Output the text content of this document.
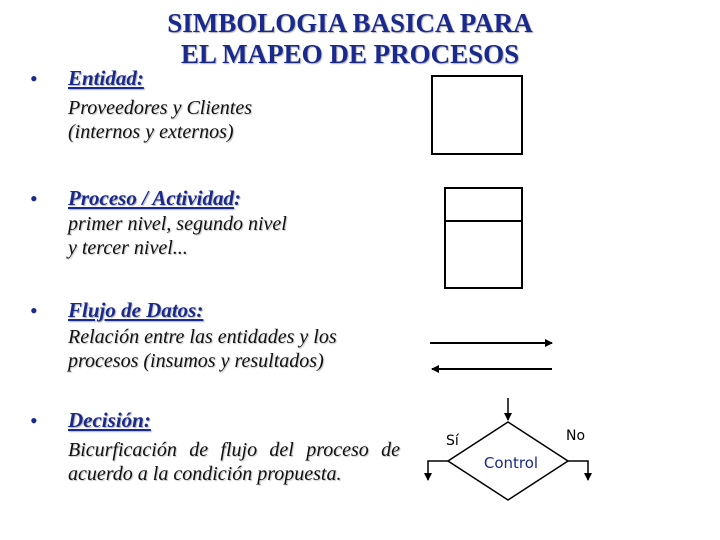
SIMBOLOGIA BASICA PARA
EL MAPEO DE PROCESOS
• Entidad:
Proveedores y Clientes
(internos y externos)
• Proceso / Actividad:
primer nivel, segundo nivel
y tercer nivel...
• Flujo de Datos:
Relación entre las entidades y los
procesos (insumos y resultados)
• Decisión:
Bicurficación de flujo del proceso de acuerdo a la condición propuesta.	Control
Sí	No
